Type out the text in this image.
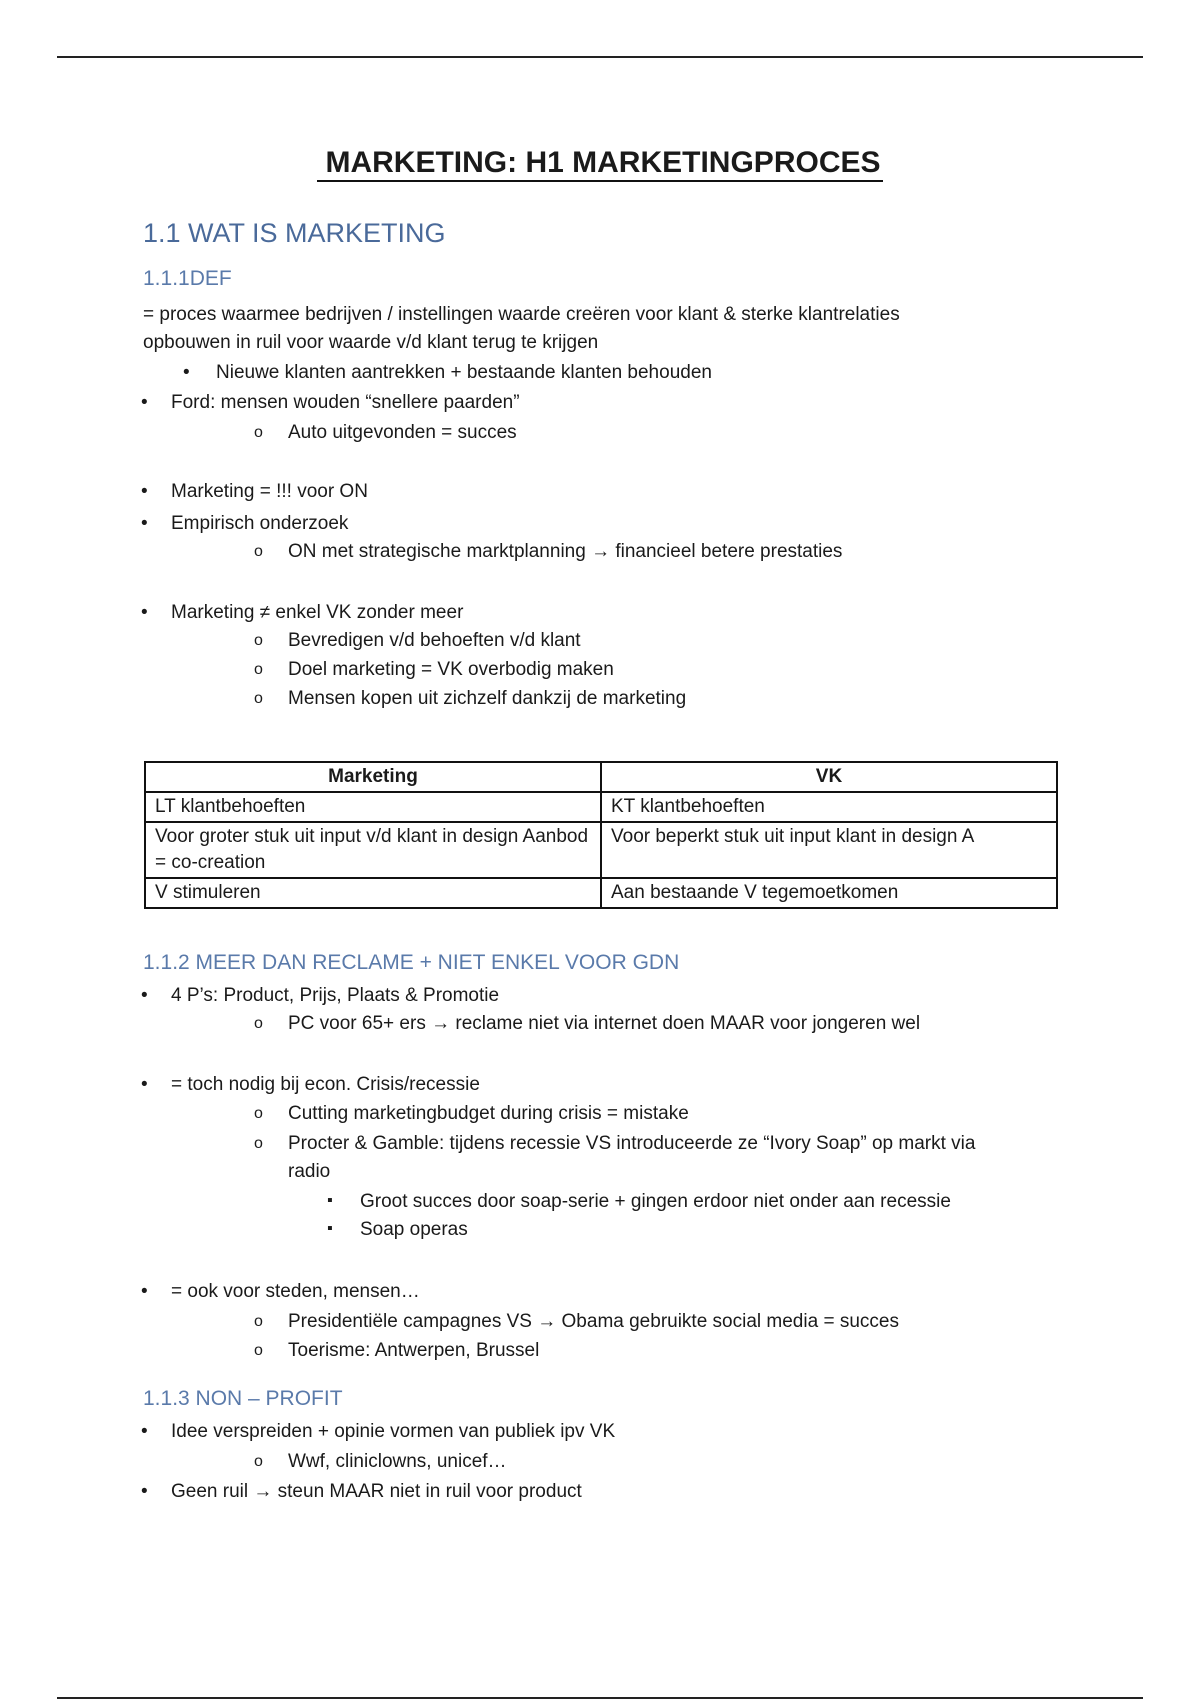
MARKETING: H1 MARKETINGPROCES
1.1 WAT IS MARKETING
1.1.1DEF

= proces waarmee bedrijven / instellingen waarde creëren voor klant & sterke klantrelaties

opbouwen in ruil voor waarde v/d klant terug te krijgen

• Nieuwe klanten aantrekken + bestaande klanten behouden
• Ford: mensen wouden “snellere paarden”
o Auto uitgevonden = succes
• Marketing = !!! voor ON
• Empirisch onderzoek
o ON met strategische marktplanning → financieel betere prestaties
• Marketing ≠ enkel VK zonder meer
o Bevredigen v/d behoeften v/d klant
o Doel marketing = VK overbodig maken
o Mensen kopen uit zichzelf dankzij de marketing
Marketing	VK
LT klantbehoeften	KT klantbehoeften
Voor groter stuk uit input v/d klant in design Aanbod = co-creation	Voor beperkt stuk uit input klant in design A
V stimuleren	Aan bestaande V tegemoetkomen
1.1.2 MEER DAN RECLAME + NIET ENKEL VOOR GDN
• 4 P’s: Product, Prijs, Plaats & Promotie
o PC voor 65+ ers → reclame niet via internet doen MAAR voor jongeren wel
• = toch nodig bij econ. Crisis/recessie
o Cutting marketingbudget during crisis = mistake
o Procter & Gamble: tijdens recessie VS introduceerde ze “Ivory Soap” op markt via
radio
▪ Groot succes door soap-serie + gingen erdoor niet onder aan recessie
▪ Soap operas
• = ook voor steden, mensen…
o Presidentiële campagnes VS → Obama gebruikte social media = succes
o Toerisme: Antwerpen, Brussel
1.1.3 NON – PROFIT
• Idee verspreiden + opinie vormen van publiek ipv VK
o Wwf, cliniclowns, unicef…
• Geen ruil → steun MAAR niet in ruil voor product
